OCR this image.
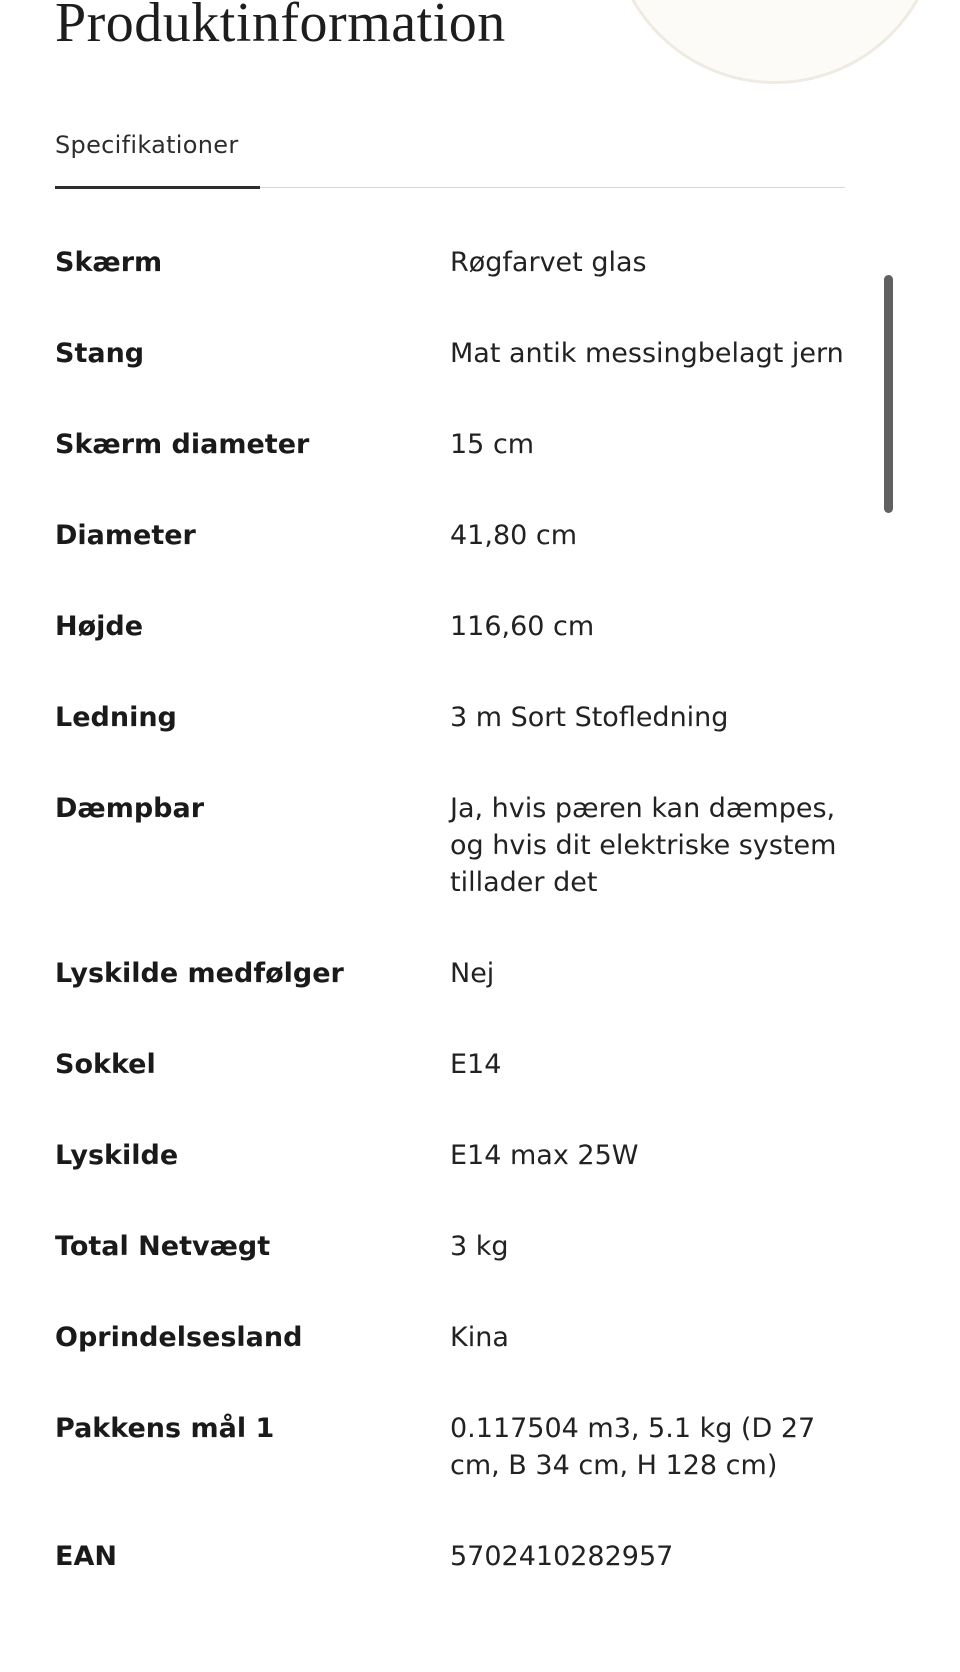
Produktinformation
Specifikationer
Skærm	Røgfarvet glas
Stang	Mat antik messingbelagt jern
Skærm diameter	15 cm
Diameter	41,80 cm
Højde	116,60 cm
Ledning	3 m Sort Stofledning
Dæmpbar	Ja, hvis pæren kan dæmpes, og hvis dit elektriske system tillader det
Lyskilde medfølger	Nej
Sokkel	E14
Lyskilde	E14 max 25W
Total Netvægt	3 kg
Oprindelsesland	Kina
Pakkens mål 1	0.117504 m3, 5.1 kg (D 27 cm, B 34 cm, H 128 cm)
EAN	5702410282957
